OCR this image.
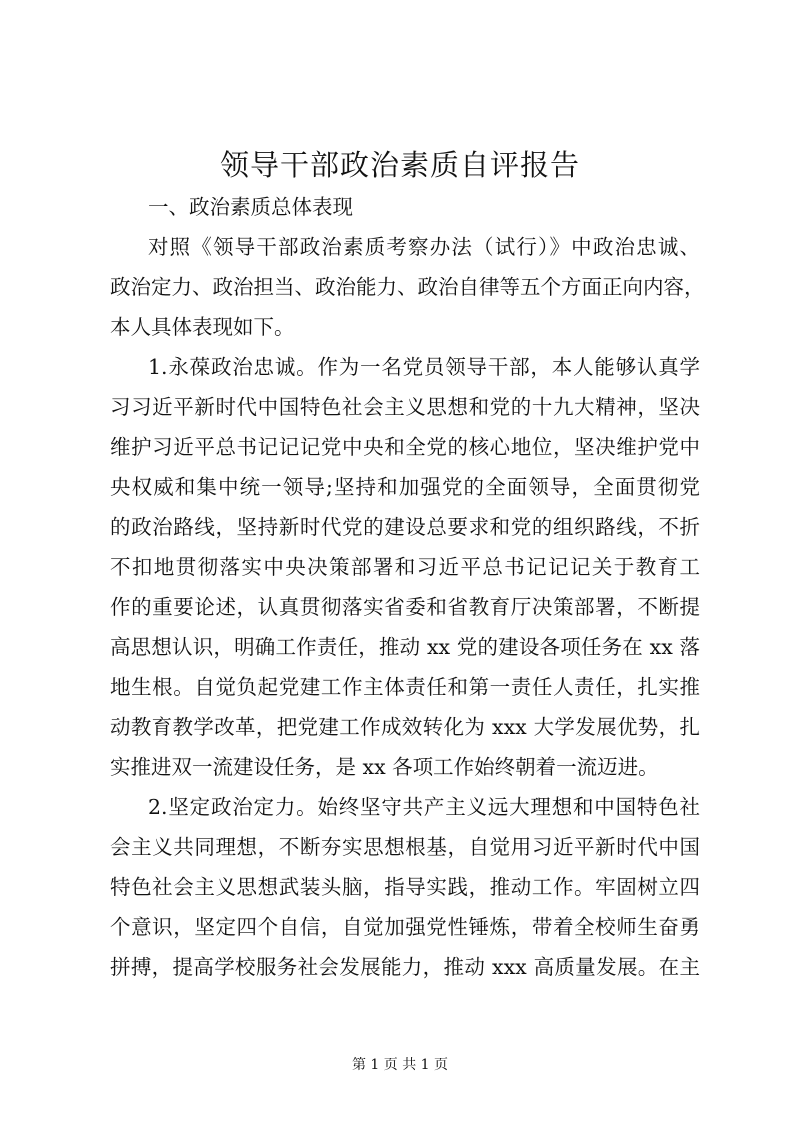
领导干部政治素质自评报告

一、政治素质总体表现

对照《领导干部政治素质考察办法（试行）》中政治忠诚、

政治定力、政治担当、政治能力、政治自律等五个方面正向内容，

本人具体表现如下。

1.永葆政治忠诚。作为一名党员领导干部，本人能够认真学

习习近平新时代中国特色社会主义思想和党的十九大精神，坚决

维护习近平总书记记记党中央和全党的核心地位，坚决维护党中

央权威和集中统一领导;坚持和加强党的全面领导，全面贯彻党

的政治路线，坚持新时代党的建设总要求和党的组织路线，不折

不扣地贯彻落实中央决策部署和习近平总书记记记关于教育工

作的重要论述，认真贯彻落实省委和省教育厅决策部署，不断提

高思想认识，明确工作责任，推动 xx 党的建设各项任务在 xx 落

地生根。自觉负起党建工作主体责任和第一责任人责任，扎实推

动教育教学改革，把党建工作成效转化为 xxx 大学发展优势，扎

实推进双一流建设任务，是 xx 各项工作始终朝着一流迈进。

2.坚定政治定力。始终坚守共产主义远大理想和中国特色社

会主义共同理想，不断夯实思想根基，自觉用习近平新时代中国

特色社会主义思想武装头脑，指导实践，推动工作。牢固树立四

个意识，坚定四个自信，自觉加强党性锤炼，带着全校师生奋勇

拼搏，提高学校服务社会发展能力，推动 xxx 高质量发展。在主

第 1 页 共 1 页
